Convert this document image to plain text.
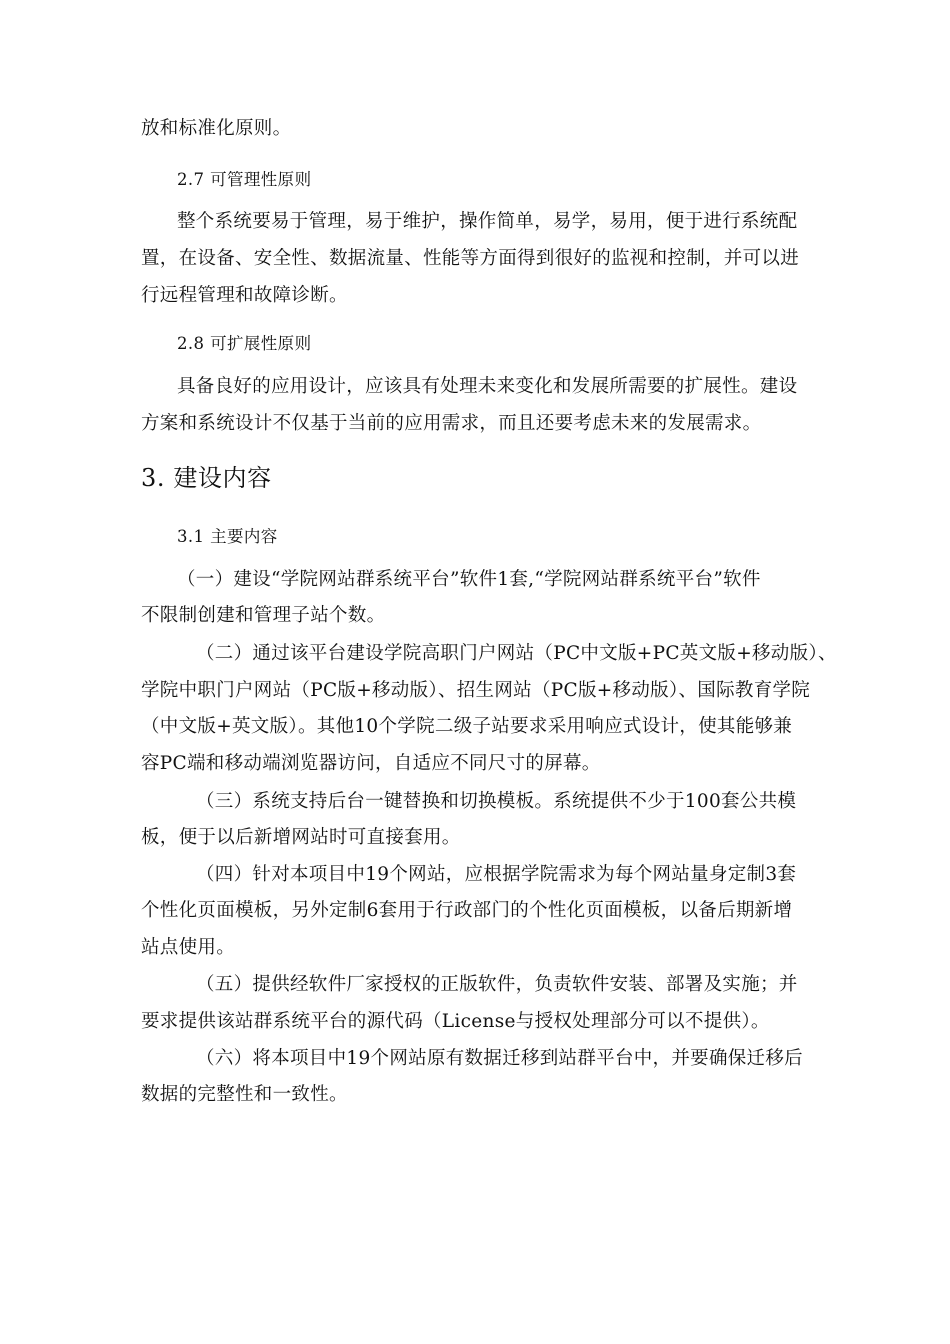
放和标准化原则。
2.7 可管理性原则
整个系统要易于管理，易于维护，操作简单，易学，易用，便于进行系统配
置，在设备、安全性、数据流量、性能等方面得到很好的监视和控制，并可以进
行远程管理和故障诊断。
2.8 可扩展性原则
具备良好的应用设计，应该具有处理未来变化和发展所需要的扩展性。建设
方案和系统设计不仅基于当前的应用需求，而且还要考虑未来的发展需求。
3. 建设内容
3.1 主要内容
（一）建设“学院网站群系统平台”软件1套,“学院网站群系统平台”软件
不限制创建和管理子站个数。
（二）通过该平台建设学院高职门户网站（PC中文版+PC英文版+移动版）、
学院中职门户网站（PC版+移动版）、招生网站（PC版+移动版）、国际教育学院
（中文版+英文版）。其他10个学院二级子站要求采用响应式设计，使其能够兼
容PC端和移动端浏览器访问，自适应不同尺寸的屏幕。
（三）系统支持后台一键替换和切换模板。系统提供不少于100套公共模
板，便于以后新增网站时可直接套用。
（四）针对本项目中19个网站，应根据学院需求为每个网站量身定制3套
个性化页面模板，另外定制6套用于行政部门的个性化页面模板，以备后期新增
站点使用。
（五）提供经软件厂家授权的正版软件，负责软件安装、部署及实施；并
要求提供该站群系统平台的源代码（License与授权处理部分可以不提供）。
（六）将本项目中19个网站原有数据迁移到站群平台中，并要确保迁移后
数据的完整性和一致性。
